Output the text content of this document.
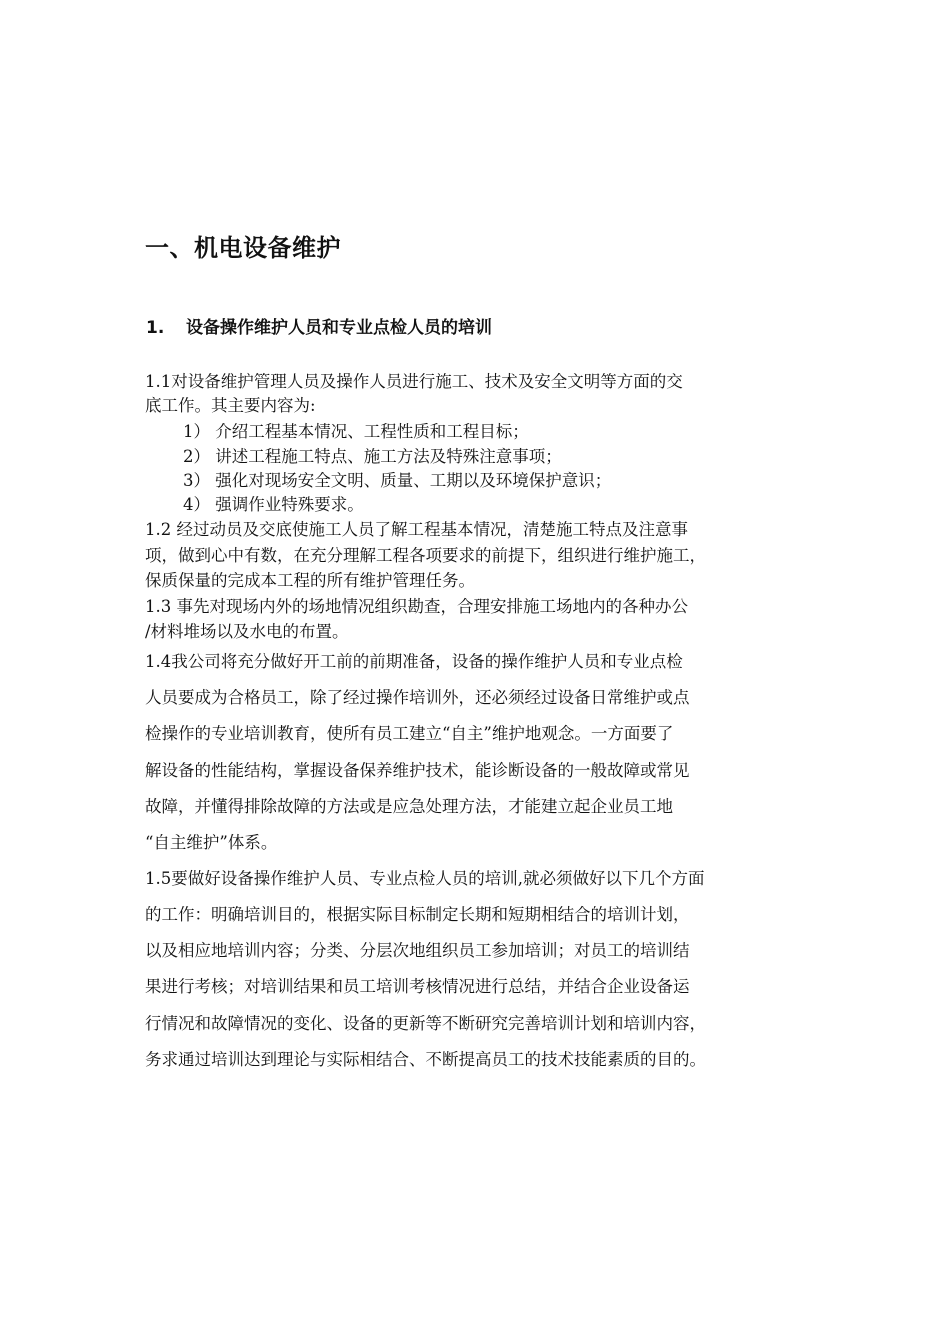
一、机电设备维护
1. 设备操作维护人员和专业点检人员的培训
1.1对设备维护管理人员及操作人员进行施工、技术及安全文明等方面的交
底工作。其主要内容为:
1） 介绍工程基本情况、工程性质和工程目标；
2） 讲述工程施工特点、施工方法及特殊注意事项；
3） 强化对现场安全文明、质量、工期以及环境保护意识；
4） 强调作业特殊要求。
1.2 经过动员及交底使施工人员了解工程基本情况，清楚施工特点及注意事
项，做到心中有数，在充分理解工程各项要求的前提下，组织进行维护施工，
保质保量的完成本工程的所有维护管理任务。
1.3 事先对现场内外的场地情况组织勘查，合理安排施工场地内的各种办公
/材料堆场以及水电的布置。
1.4我公司将充分做好开工前的前期准备，设备的操作维护人员和专业点检
人员要成为合格员工，除了经过操作培训外，还必须经过设备日常维护或点
检操作的专业培训教育，使所有员工建立“自主”维护地观念。一方面要了
解设备的性能结构，掌握设备保养维护技术，能诊断设备的一般故障或常见
故障，并懂得排除故障的方法或是应急处理方法，才能建立起企业员工地
“自主维护”体系。
1.5要做好设备操作维护人员、专业点检人员的培训,就必须做好以下几个方面
的工作：明确培训目的，根据实际目标制定长期和短期相结合的培训计划，
以及相应地培训内容；分类、分层次地组织员工参加培训；对员工的培训结
果进行考核；对培训结果和员工培训考核情况进行总结，并结合企业设备运
行情况和故障情况的变化、设备的更新等不断研究完善培训计划和培训内容，
务求通过培训达到理论与实际相结合、不断提高员工的技术技能素质的目的。
